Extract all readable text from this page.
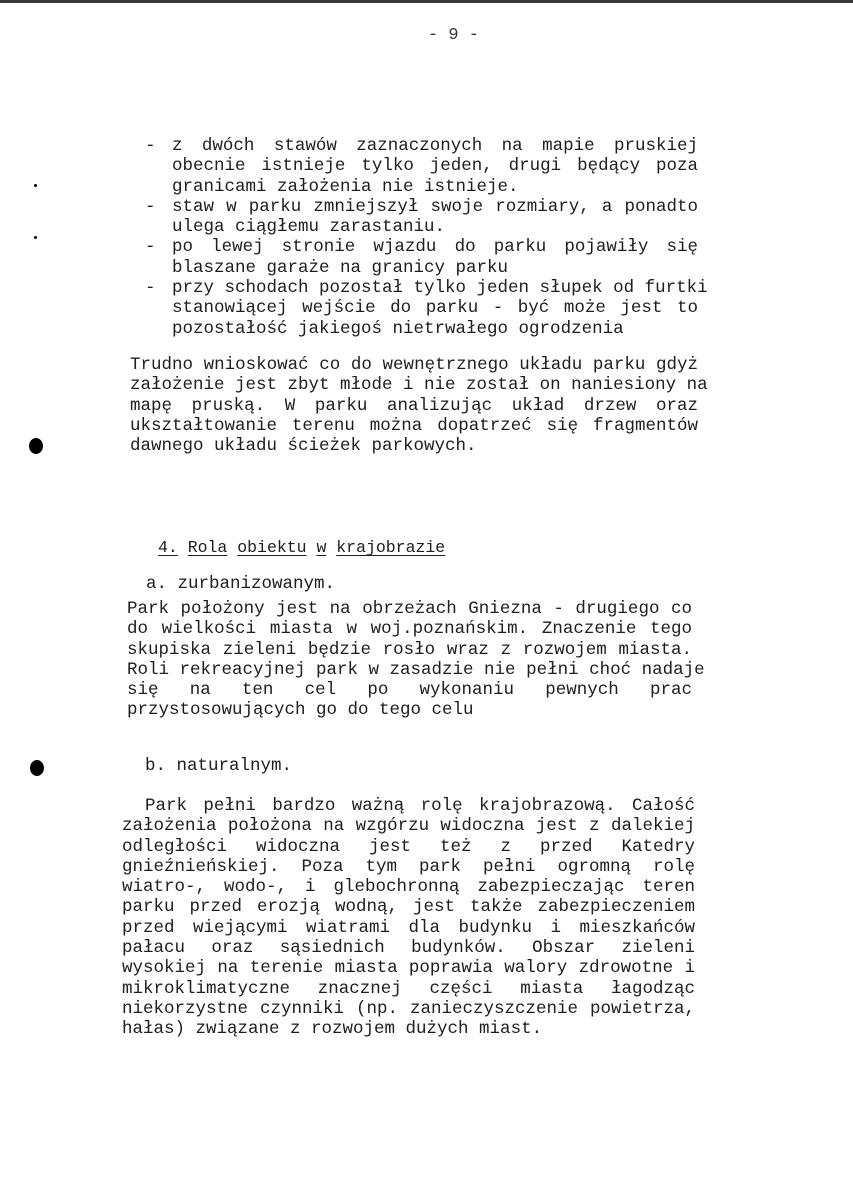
- 9 -
- z dwóch stawów zaznaczonych na mapie pruskiej
obecnie istnieje tylko jeden, drugi będący poza
granicami założenia nie istnieje.
- staw w parku zmniejszył swoje rozmiary, a ponadto
ulega ciągłemu zarastaniu.
- po lewej stronie wjazdu do parku pojawiły się
blaszane garaże na granicy parku
- przy schodach pozostał tylko jeden słupek od furtki
stanowiącej wejście do parku - być może jest to
pozostałość jakiegoś nietrwałego ogrodzenia
Trudno wnioskować co do wewnętrznego układu parku gdyż
założenie jest zbyt młode i nie został on naniesiony na
mapę pruską. W parku analizując układ drzew oraz
ukształtowanie terenu można dopatrzeć się fragmentów
dawnego układu ścieżek parkowych.
4. Rola obiektu w krajobrazie
a. zurbanizowanym.
Park położony jest na obrzeżach Gniezna - drugiego co
do wielkości miasta w woj.poznańskim. Znaczenie tego
skupiska zieleni będzie rosło wraz z rozwojem miasta.
Roli rekreacyjnej park w zasadzie nie pełni choć nadaje
się na ten cel po wykonaniu pewnych prac
przystosowujących go do tego celu
b. naturalnym.
Park pełni bardzo ważną rolę krajobrazową. Całość
założenia położona na wzgórzu widoczna jest z dalekiej
odległości widoczna jest też z przed Katedry
gnieźnieńskiej. Poza tym park pełni ogromną rolę
wiatro-, wodo-, i glebochronną zabezpieczając teren
parku przed erozją wodną, jest także zabezpieczeniem
przed wiejącymi wiatrami dla budynku i mieszkańców
pałacu oraz sąsiednich budynków. Obszar zieleni
wysokiej na terenie miasta poprawia walory zdrowotne i
mikroklimatyczne znacznej części miasta łagodząc
niekorzystne czynniki (np. zanieczyszczenie powietrza,
hałas) związane z rozwojem dużych miast.
